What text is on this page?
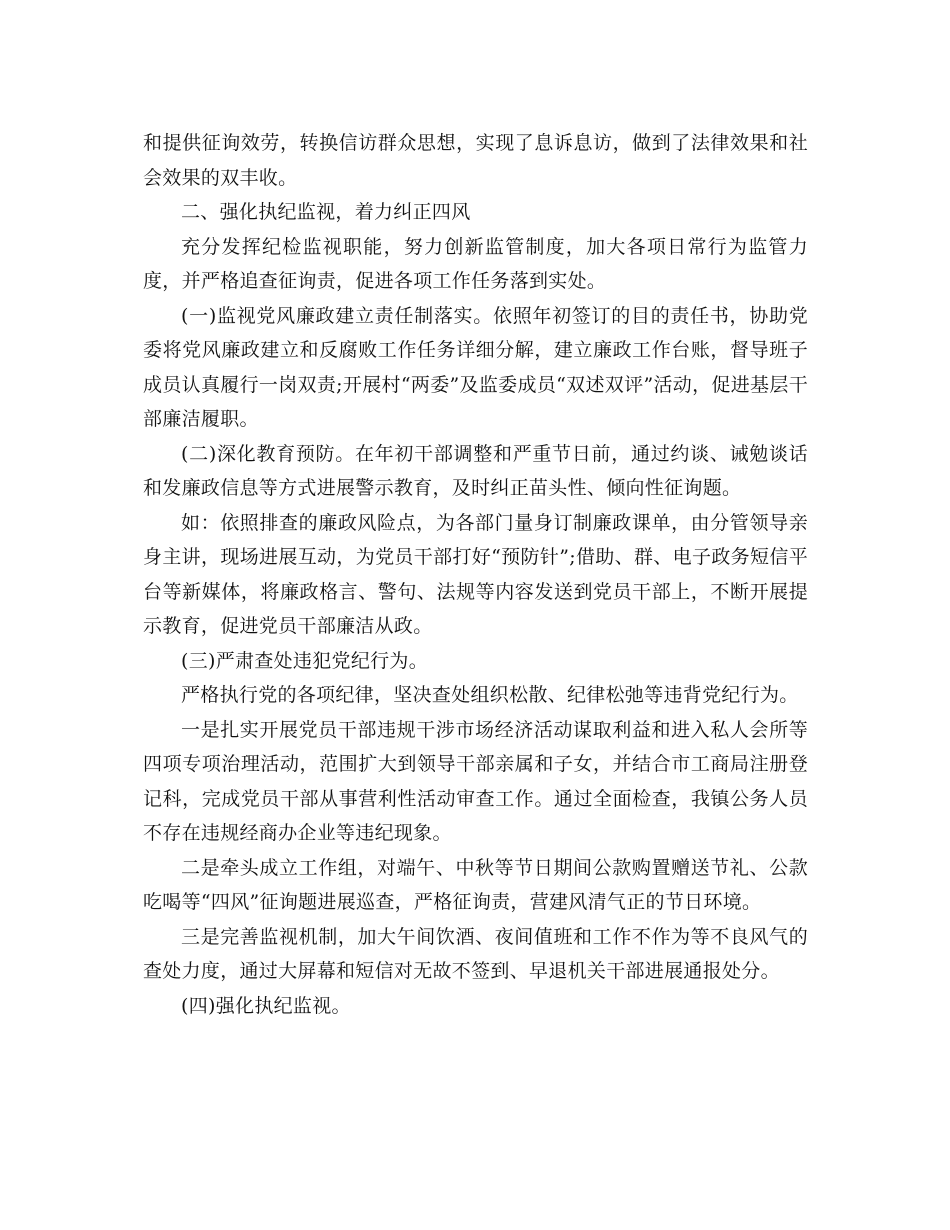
和提供征询效劳，转换信访群众思想，实现了息诉息访，做到了法律效果和社会效果的双丰收。

二、强化执纪监视，着力纠正四风

充分发挥纪检监视职能，努力创新监管制度，加大各项日常行为监管力度，并严格追查征询责，促进各项工作任务落到实处。

(一)监视党风廉政建立责任制落实。依照年初签订的目的责任书，协助党委将党风廉政建立和反腐败工作任务详细分解，建立廉政工作台账，督导班子成员认真履行一岗双责;开展村“两委”及监委成员“双述双评”活动，促进基层干部廉洁履职。

(二)深化教育预防。在年初干部调整和严重节日前，通过约谈、诫勉谈话和发廉政信息等方式进展警示教育，及时纠正苗头性、倾向性征询题。

如：依照排查的廉政风险点，为各部门量身订制廉政课单，由分管领导亲身主讲，现场进展互动，为党员干部打好“预防针”;借助、群、电子政务短信平台等新媒体，将廉政格言、警句、法规等内容发送到党员干部上，不断开展提示教育，促进党员干部廉洁从政。

(三)严肃查处违犯党纪行为。

严格执行党的各项纪律，坚决查处组织松散、纪律松弛等违背党纪行为。

一是扎实开展党员干部违规干涉市场经济活动谋取利益和进入私人会所等四项专项治理活动，范围扩大到领导干部亲属和子女，并结合市工商局注册登记科，完成党员干部从事营利性活动审查工作。通过全面检查，我镇公务人员不存在违规经商办企业等违纪现象。

二是牵头成立工作组，对端午、中秋等节日期间公款购置赠送节礼、公款吃喝等“四风”征询题进展巡查，严格征询责，营建风清气正的节日环境。

三是完善监视机制，加大午间饮酒、夜间值班和工作不作为等不良风气的查处力度，通过大屏幕和短信对无故不签到、早退机关干部进展通报处分。

(四)强化执纪监视。
